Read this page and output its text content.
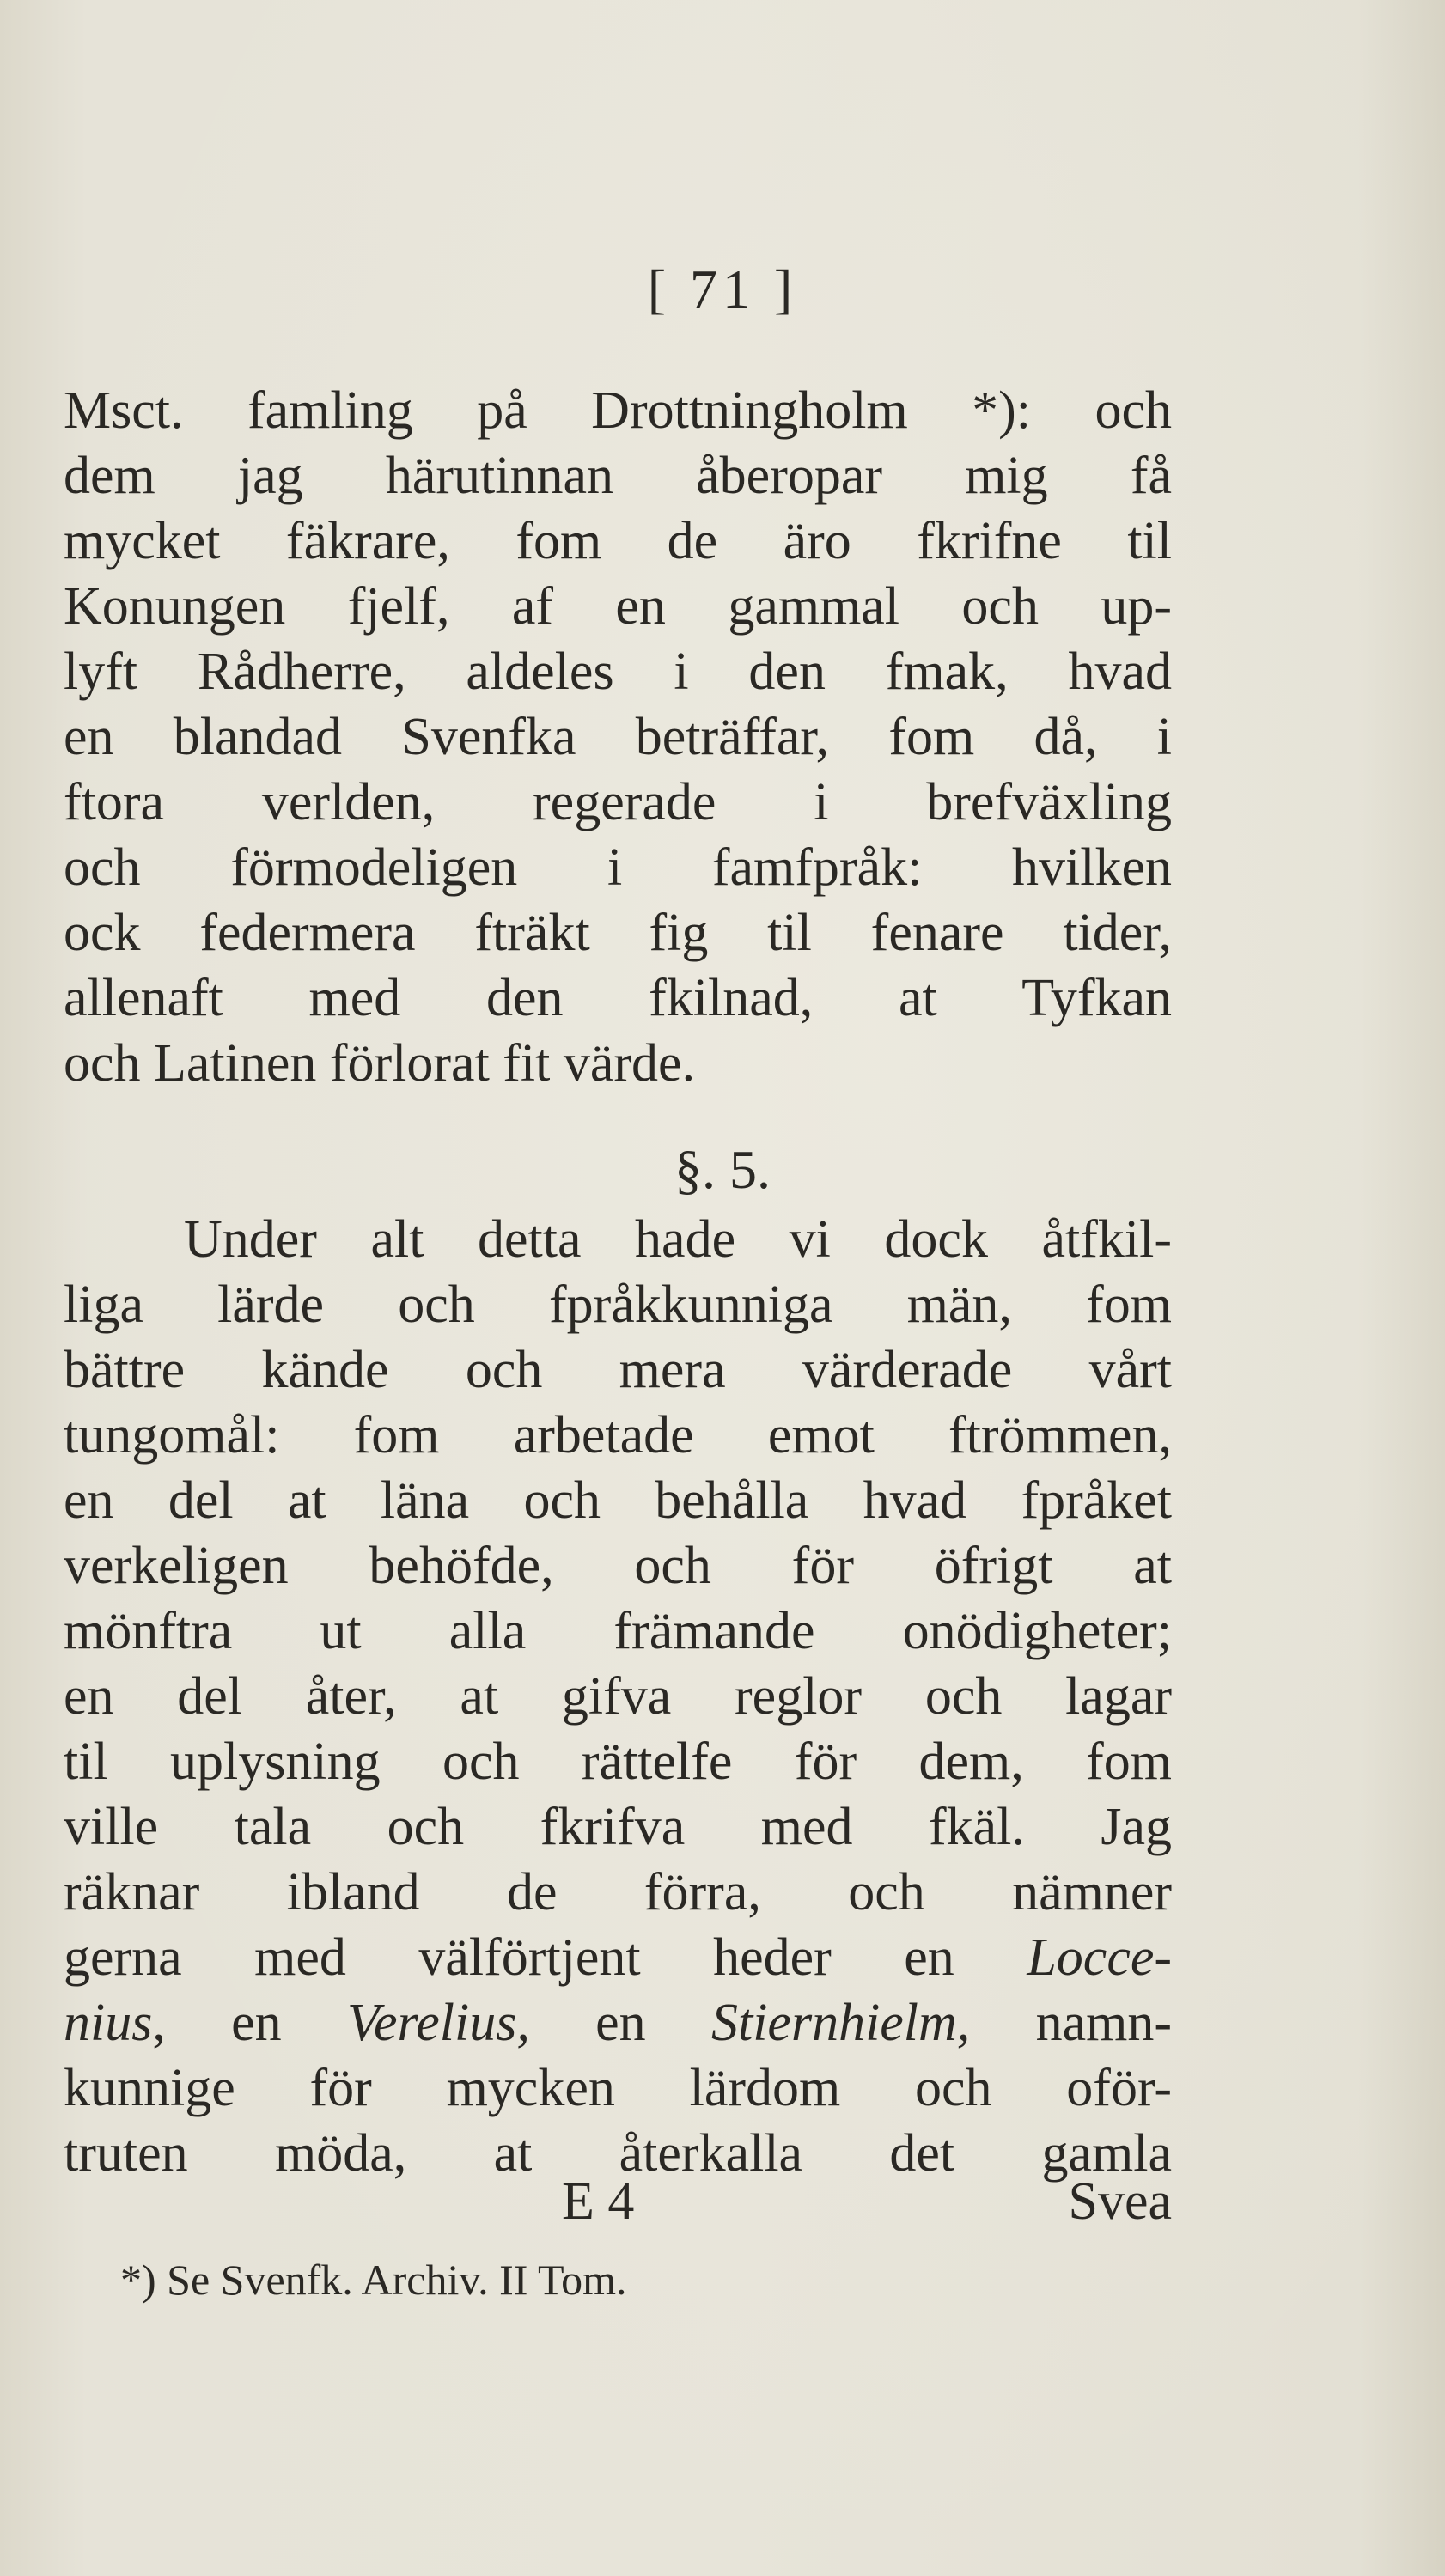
[ 71 ]
Msct. famling på Drottningholm *): och
dem jag härutinnan åberopar mig få
mycket fäkrare, fom de äro fkrifne til
Konungen fjelf, af en gammal och up-
lyft Rådherre, aldeles i den fmak, hvad
en blandad Svenfka beträffar, fom då, i
ftora verlden, regerade i brefväxling
och förmodeligen i famfpråk: hvilken
ock federmera fträkt fig til fenare tider,
allenaft med den fkilnad, at Tyfkan
och Latinen förlorat fit värde.
§. 5.
Under alt detta hade vi dock åtfkil-
liga lärde och fpråkkunniga män, fom
bättre kände och mera värderade vårt
tungomål: fom arbetade emot ftrömmen,
en del at läna och behålla hvad fpråket
verkeligen behöfde, och för öfrigt at
mönftra ut alla främande onödigheter;
en del åter, at gifva reglor och lagar
til uplysning och rättelfe för dem, fom
ville tala och fkrifva med fkäl. Jag
räknar ibland de förra, och nämner
gerna med välförtjent heder en Locce-
nius, en Verelius, en Stiernhielm, namn-
kunnige för mycken lärdom och oför-
truten möda, at återkalla det gamla
E 4	Svea
*) Se Svenfk. Archiv. II Tom.
